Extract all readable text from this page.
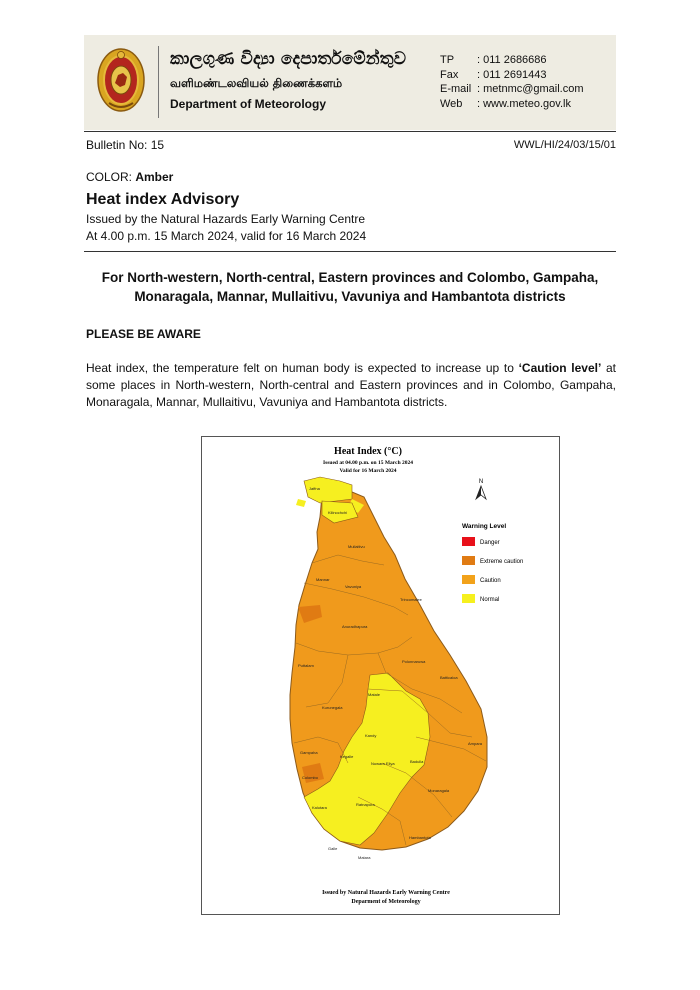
කාලගුණ විද්‍යා දෙපාර්තමේන්තුව
வளிமண்டலவியல் திணைக்களம்
Department of Meteorology
TP : 011 2686686
Fax : 011 2691443
E-mail : metnmc@gmail.com
Web : www.meteo.gov.lk
Bulletin No: 15	WWL/HI/24/03/15/01
COLOR: Amber
Heat index Advisory
Issued by the Natural Hazards Early Warning Centre
At 4.00 p.m. 15 March 2024, valid for 16 March 2024
For North-western, North-central, Eastern provinces and Colombo, Gampaha,
Monaragala, Mannar, Mullaitivu, Vavuniya and Hambantota districts
PLEASE BE AWARE
Heat index, the temperature felt on human body is expected to increase up to ‘Caution level’ at some places in North-western, North-central and Eastern provinces and in Colombo, Gampaha, Monaragala, Mannar, Mullaitivu, Vavuniya and Hambantota districts.
Heat Index (°C)
Issued at 04.00 p.m. on 15 March 2024
Valid for 16 March 2024
N
Jaffna
Kilinochchi
Mullaitivu
Mannar
Vavuniya
Trincomalee
Anuradhapura
Puttalam
Polonnaruwa
Batticaloa
Kurunegala
Matale
Kandy
Ampara
Gampaha
Kegalle
Nuwara Eliya	Badulla
Colombo
Monaragala
Kalutara
Ratnapura
Galle
Hambantota
Matara
Warning Level
Danger
Extreme caution
Caution
Normal
Issued by Natural Hazards Early Warning Centre
Deparment of Meteorology
